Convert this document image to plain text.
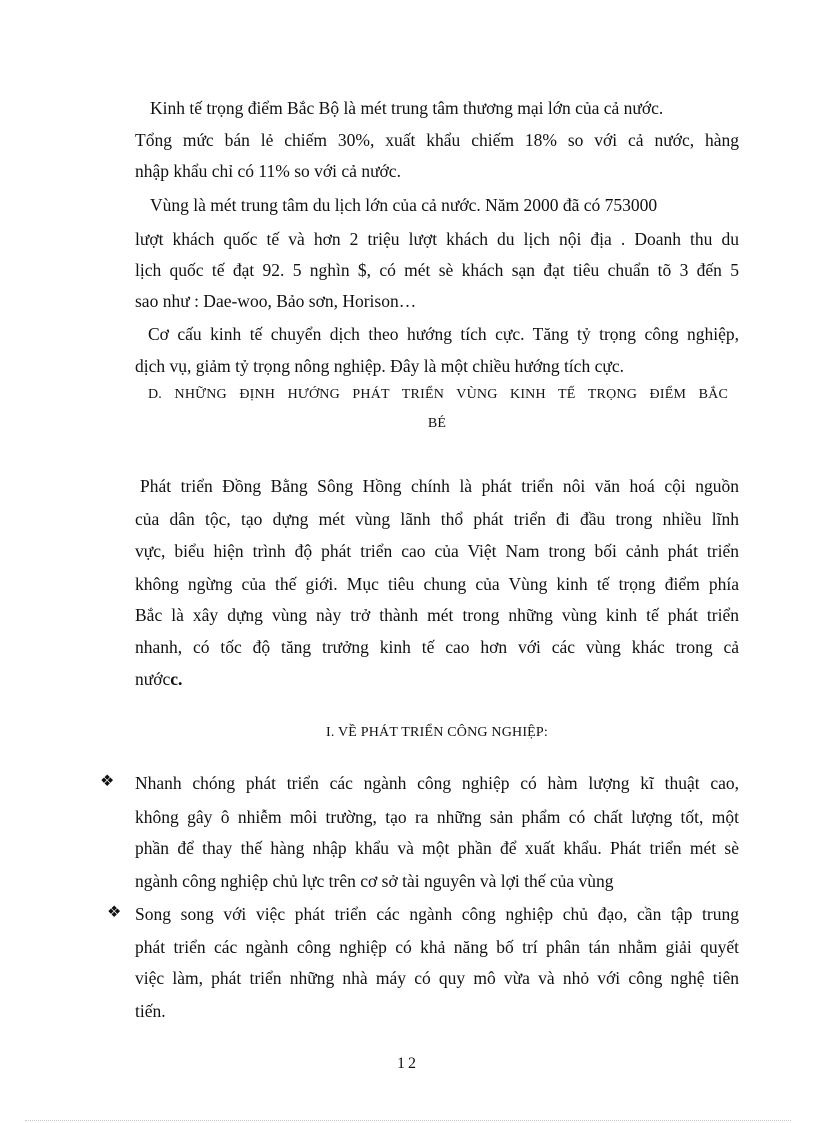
Kinh tế trọng điểm Bắc Bộ là mét trung tâm thương mại lớn của cả nước.
Tổng mức bán lẻ chiếm 30%, xuất khẩu chiếm 18% so với cả nước, hàng
nhập khẩu chỉ có 11% so với cả nước.
Vùng là mét trung tâm du lịch lớn của cả nước. Năm 2000 đã có 753000
lượt khách quốc tế và hơn 2 triệu lượt khách du lịch nội địa . Doanh thu du
lịch quốc tế đạt 92. 5 nghìn $, có mét sè khách sạn đạt tiêu chuẩn tõ 3 đến 5
sao như : Dae-woo, Bảo sơn, Horison…
Cơ cấu kinh tế chuyển dịch theo hướng tích cực. Tăng tỷ trọng công nghiệp,
dịch vụ, giảm tỷ trọng nông nghiệp. Đây là một chiều hướng tích cực.
D. NHỮNG ĐỊNH HƯỚNG PHÁT TRIỂN VÙNG KINH TẾ TRỌNG ĐIỂM BẮC
BÉ
Phát triển Đồng Bằng Sông Hồng chính là phát triển nôi văn hoá cội nguồn
của dân tộc, tạo dựng mét vùng lãnh thổ phát triển đi đầu trong nhiều lĩnh
vực, biểu hiện trình độ phát triển cao của Việt Nam trong bối cảnh phát triển
không ngừng của thế giới. Mục tiêu chung của Vùng kinh tế trọng điểm phía
Bắc là xây dựng vùng này trở thành mét trong những vùng kinh tế phát triển
nhanh, có tốc độ tăng trưởng kinh tế cao hơn với các vùng khác trong cả
nướcc.
I. VỀ PHÁT TRIỂN CÔNG NGHIỆP:
❖ Nhanh chóng phát triển các ngành công nghiệp có hàm lượng kĩ thuật cao,
không gây ô nhiễm môi trường, tạo ra những sản phẩm có chất lượng tốt, một
phần để thay thế hàng nhập khẩu và một phần để xuất khẩu. Phát triển mét sè
ngành công nghiệp chủ lực trên cơ sở tài nguyên và lợi thế của vùng
❖ Song song với việc phát triển các ngành công nghiệp chủ đạo, cần tập trung
phát triển các ngành công nghiệp có khả năng bố trí phân tán nhằm giải quyết
việc làm, phát triển những nhà máy có quy mô vừa và nhỏ với công nghệ tiên
tiến.
12
